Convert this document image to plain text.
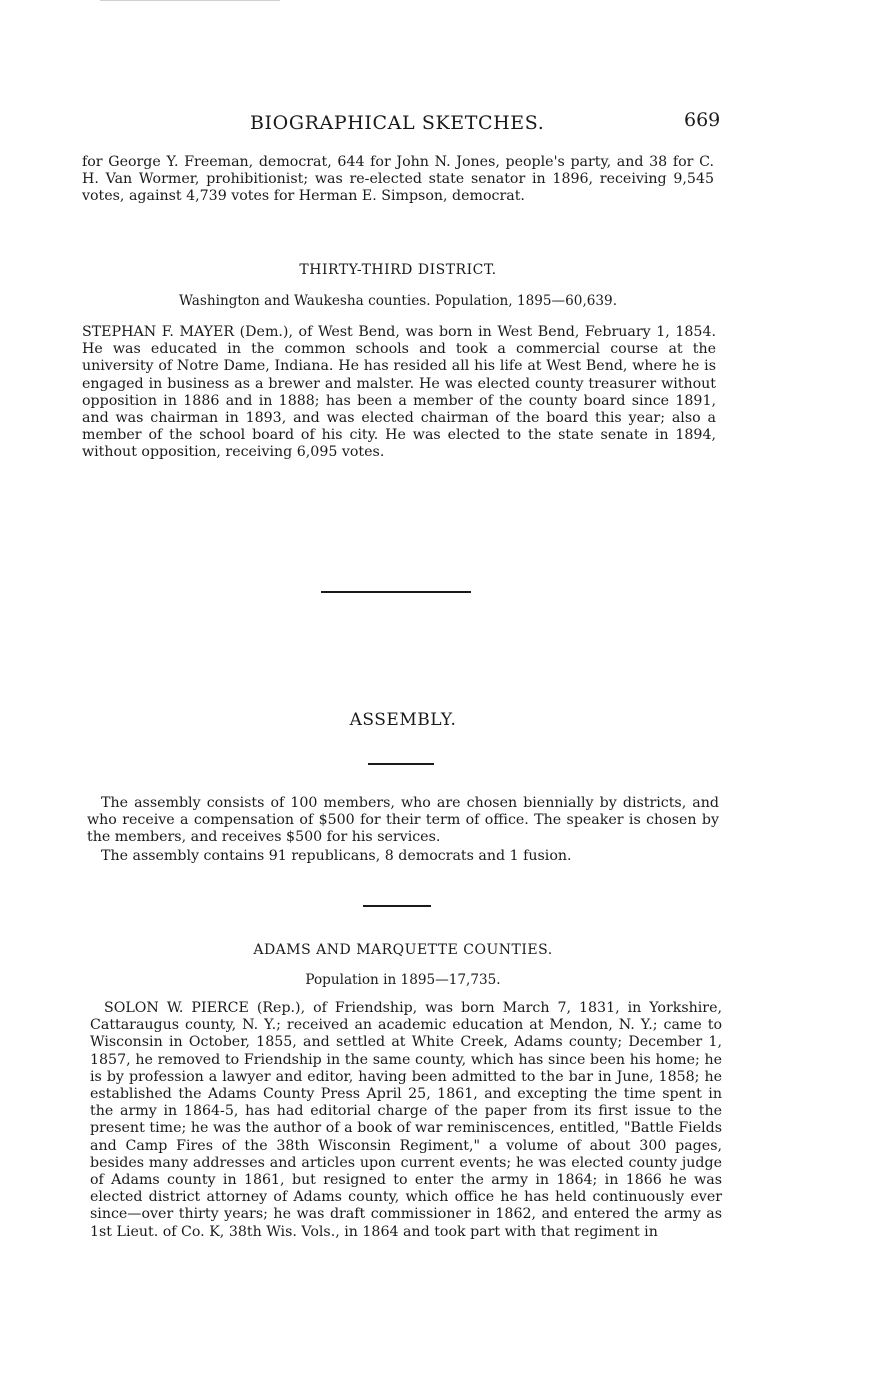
BIOGRAPHICAL SKETCHES.	669

for George Y. Freeman, democrat, 644 for John N. Jones, people's party, and 38 for C. H. Van Wormer, prohibitionist; was re-elected state senator in 1896, receiving 9,545 votes, against 4,739 votes for Herman E. Simpson, democrat.

THIRTY-THIRD DISTRICT.
Washington and Waukesha counties. Population, 1895—60,639.

STEPHAN F. MAYER (Dem.), of West Bend, was born in West Bend, February 1, 1854. He was educated in the common schools and took a commercial course at the university of Notre Dame, Indiana. He has resided all his life at West Bend, where he is engaged in business as a brewer and malster. He was elected county treasurer without opposition in 1886 and in 1888; has been a member of the county board since 1891, and was chairman in 1893, and was elected chairman of the board this year; also a member of the school board of his city. He was elected to the state senate in 1894, without opposition, receiving 6,095 votes.

ASSEMBLY.

The assembly consists of 100 members, who are chosen biennially by districts, and who receive a compensation of $500 for their term of office. The speaker is chosen by the members, and receives $500 for his services.

The assembly contains 91 republicans, 8 democrats and 1 fusion.

ADAMS AND MARQUETTE COUNTIES.
Population in 1895—17,735.

SOLON W. PIERCE (Rep.), of Friendship, was born March 7, 1831, in Yorkshire, Cattaraugus county, N. Y.; received an academic education at Mendon, N. Y.; came to Wisconsin in October, 1855, and settled at White Creek, Adams county; December 1, 1857, he removed to Friendship in the same county, which has since been his home; he is by profession a lawyer and editor, having been admitted to the bar in June, 1858; he established the Adams County Press April 25, 1861, and excepting the time spent in the army in 1864-5, has had editorial charge of the paper from its first issue to the present time; he was the author of a book of war reminiscences, entitled, "Battle Fields and Camp Fires of the 38th Wisconsin Regiment," a volume of about 300 pages, besides many addresses and articles upon current events; he was elected county judge of Adams county in 1861, but resigned to enter the army in 1864; in 1866 he was elected district attorney of Adams county, which office he has held continuously ever since—over thirty years; he was draft commissioner in 1862, and entered the army as 1st Lieut. of Co. K, 38th Wis. Vols., in 1864 and took part with that regiment in
